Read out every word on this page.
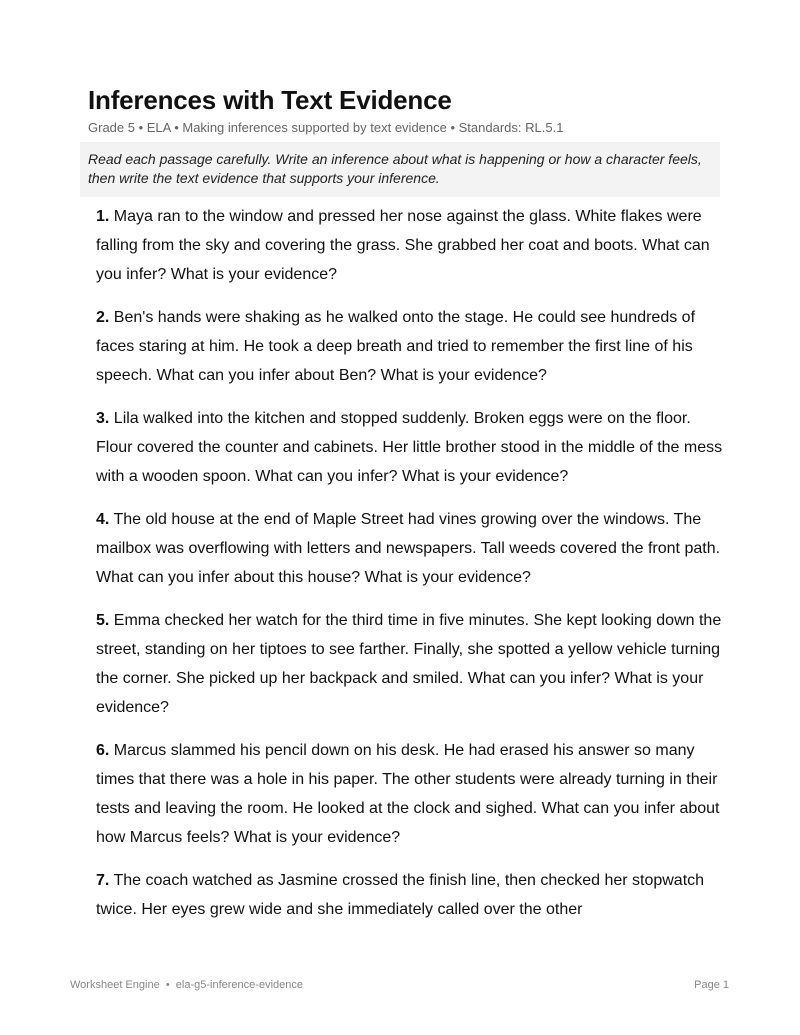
Inferences with Text Evidence
Grade 5 • ELA • Making inferences supported by text evidence • Standards: RL.5.1
Read each passage carefully. Write an inference about what is happening or how a character feels, then write the text evidence that supports your inference.

1. Maya ran to the window and pressed her nose against the glass. White flakes were falling from the sky and covering the grass. She grabbed her coat and boots. What can you infer? What is your evidence?

2. Ben's hands were shaking as he walked onto the stage. He could see hundreds of faces staring at him. He took a deep breath and tried to remember the first line of his speech. What can you infer about Ben? What is your evidence?

3. Lila walked into the kitchen and stopped suddenly. Broken eggs were on the floor. Flour covered the counter and cabinets. Her little brother stood in the middle of the mess with a wooden spoon. What can you infer? What is your evidence?

4. The old house at the end of Maple Street had vines growing over the windows. The mailbox was overflowing with letters and newspapers. Tall weeds covered the front path. What can you infer about this house? What is your evidence?

5. Emma checked her watch for the third time in five minutes. She kept looking down the street, standing on her tiptoes to see farther. Finally, she spotted a yellow vehicle turning the corner. She picked up her backpack and smiled. What can you infer? What is your evidence?

6. Marcus slammed his pencil down on his desk. He had erased his answer so many times that there was a hole in his paper. The other students were already turning in their tests and leaving the room. He looked at the clock and sighed. What can you infer about how Marcus feels? What is your evidence?

7. The coach watched as Jasmine crossed the finish line, then checked her stopwatch twice. Her eyes grew wide and she immediately called over the other

Worksheet Engine • ela-g5-inference-evidence	Page 1
